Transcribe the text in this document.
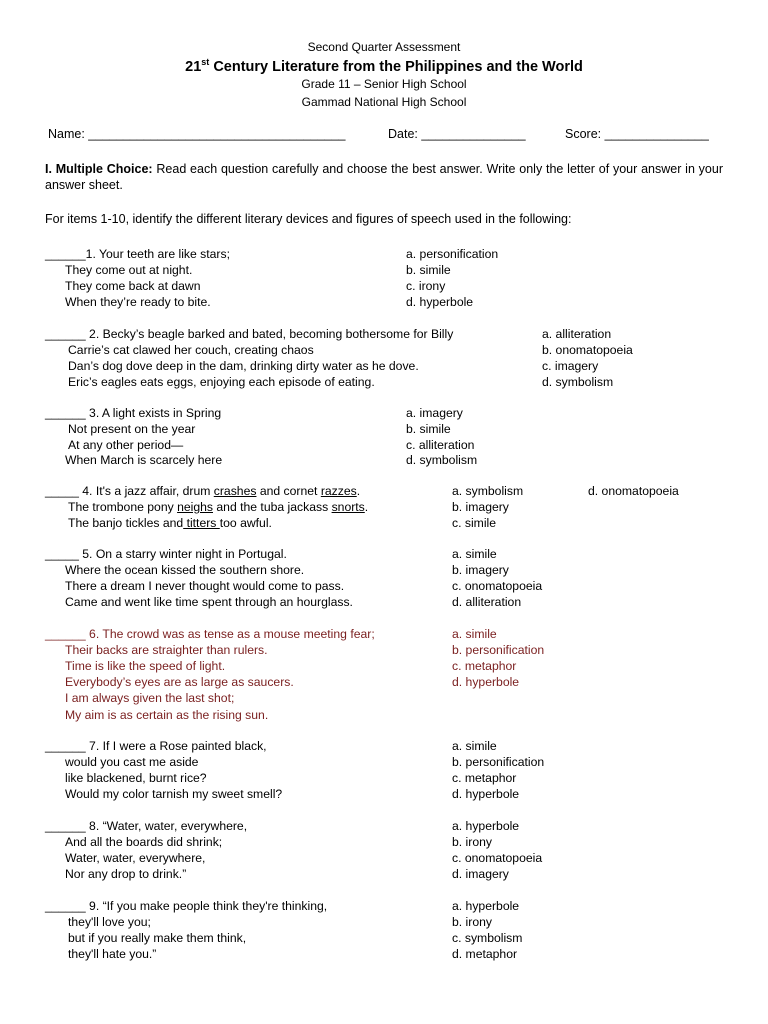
Second Quarter Assessment
21st Century Literature from the Philippines and the World
Grade 11 – Senior High School
Gammad National High School
Name: _____________________________________	Date: _______________	Score: _______________
I. Multiple Choice: Read each question carefully and choose the best answer. Write only the letter of your answer in your answer sheet.
For items 1-10, identify the different literary devices and figures of speech used in the following:
______1. Your teeth are like stars;
They come out at night.
They come back at dawn
When they’re ready to bite.
a. personification
b. simile
c. irony
d. hyperbole
______ 2. Becky’s beagle barked and bated, becoming bothersome for Billy
Carrie’s cat clawed her couch, creating chaos
Dan’s dog dove deep in the dam, drinking dirty water as he dove.
Eric’s eagles eats eggs, enjoying each episode of eating.
a. alliteration
b. onomatopoeia
c. imagery
d. symbolism
______ 3. A light exists in Spring
Not present on the year
At any other period—
When March is scarcely here
a. imagery
b. simile
c. alliteration
d. symbolism
_____ 4. It's a jazz affair, drum crashes and cornet razzes.
The trombone pony neighs and the tuba jackass snorts.
The banjo tickles and titters too awful.
a. symbolism
b. imagery
c. simile
d. onomatopoeia
_____ 5. On a starry winter night in Portugal.
Where the ocean kissed the southern shore.
There a dream I never thought would come to pass.
Came and went like time spent through an hourglass.
a. simile
b. imagery
c. onomatopoeia
d. alliteration
______ 6. The crowd was as tense as a mouse meeting fear;
Their backs are straighter than rulers.
Time is like the speed of light.
Everybody’s eyes are as large as saucers.
I am always given the last shot;
My aim is as certain as the rising sun.
a. simile
b. personification
c. metaphor
d. hyperbole
______ 7. If I were a Rose painted black,
would you cast me aside
like blackened, burnt rice?
Would my color tarnish my sweet smell?
a. simile
b. personification
c. metaphor
d. hyperbole
______ 8. “Water, water, everywhere,
And all the boards did shrink;
Water, water, everywhere,
Nor any drop to drink.”
a. hyperbole
b. irony
c. onomatopoeia
d. imagery
______ 9. “If you make people think they're thinking,
they'll love you;
but if you really make them think,
they'll hate you.”
a. hyperbole
b. irony
c. symbolism
d. metaphor
